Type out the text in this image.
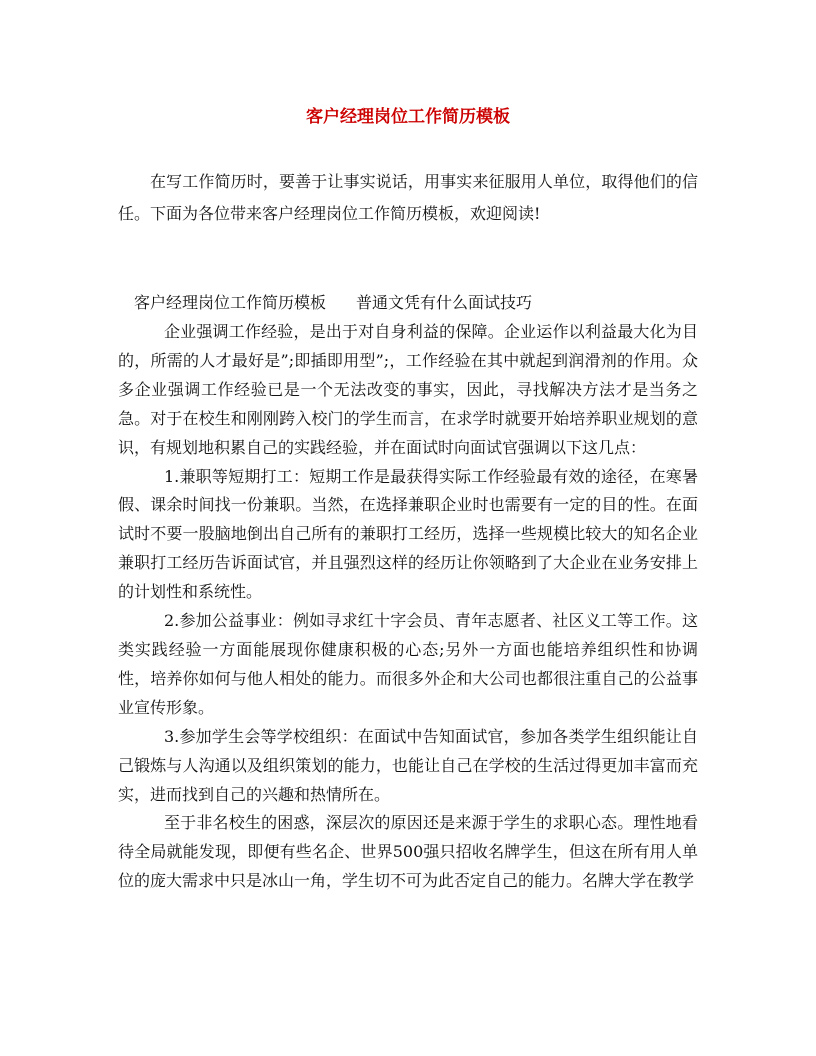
客户经理岗位工作简历模板

在写工作简历时，要善于让事实说话，用事实来征服用人单位，取得他们的信任。下面为各位带来客户经理岗位工作简历模板，欢迎阅读!

客户经理岗位工作简历模板 普通文凭有什么面试技巧

企业强调工作经验，是出于对自身利益的保障。企业运作以利益最大化为目的，所需的人才最好是”;即插即用型”;，工作经验在其中就起到润滑剂的作用。众多企业强调工作经验已是一个无法改变的事实，因此，寻找解决方法才是当务之急。对于在校生和刚刚跨入校门的学生而言，在求学时就要开始培养职业规划的意识，有规划地积累自己的实践经验，并在面试时向面试官强调以下这几点：

1.兼职等短期打工：短期工作是最获得实际工作经验最有效的途径，在寒暑假、课余时间找一份兼职。当然，在选择兼职企业时也需要有一定的目的性。在面试时不要一股脑地倒出自己所有的兼职打工经历，选择一些规模比较大的知名企业兼职打工经历告诉面试官，并且强烈这样的经历让你领略到了大企业在业务安排上的计划性和系统性。

2.参加公益事业：例如寻求红十字会员、青年志愿者、社区义工等工作。这类实践经验一方面能展现你健康积极的心态;另外一方面也能培养组织性和协调性，培养你如何与他人相处的能力。而很多外企和大公司也都很注重自己的公益事业宣传形象。

3.参加学生会等学校组织：在面试中告知面试官，参加各类学生组织能让自己锻炼与人沟通以及组织策划的能力，也能让自己在学校的生活过得更加丰富而充实，进而找到自己的兴趣和热情所在。

至于非名校生的困惑，深层次的原因还是来源于学生的求职心态。理性地看待全局就能发现，即便有些名企、世界500强只招收名牌学生，但这在所有用人单位的庞大需求中只是冰山一角，学生切不可为此否定自己的能力。名牌大学在教学
